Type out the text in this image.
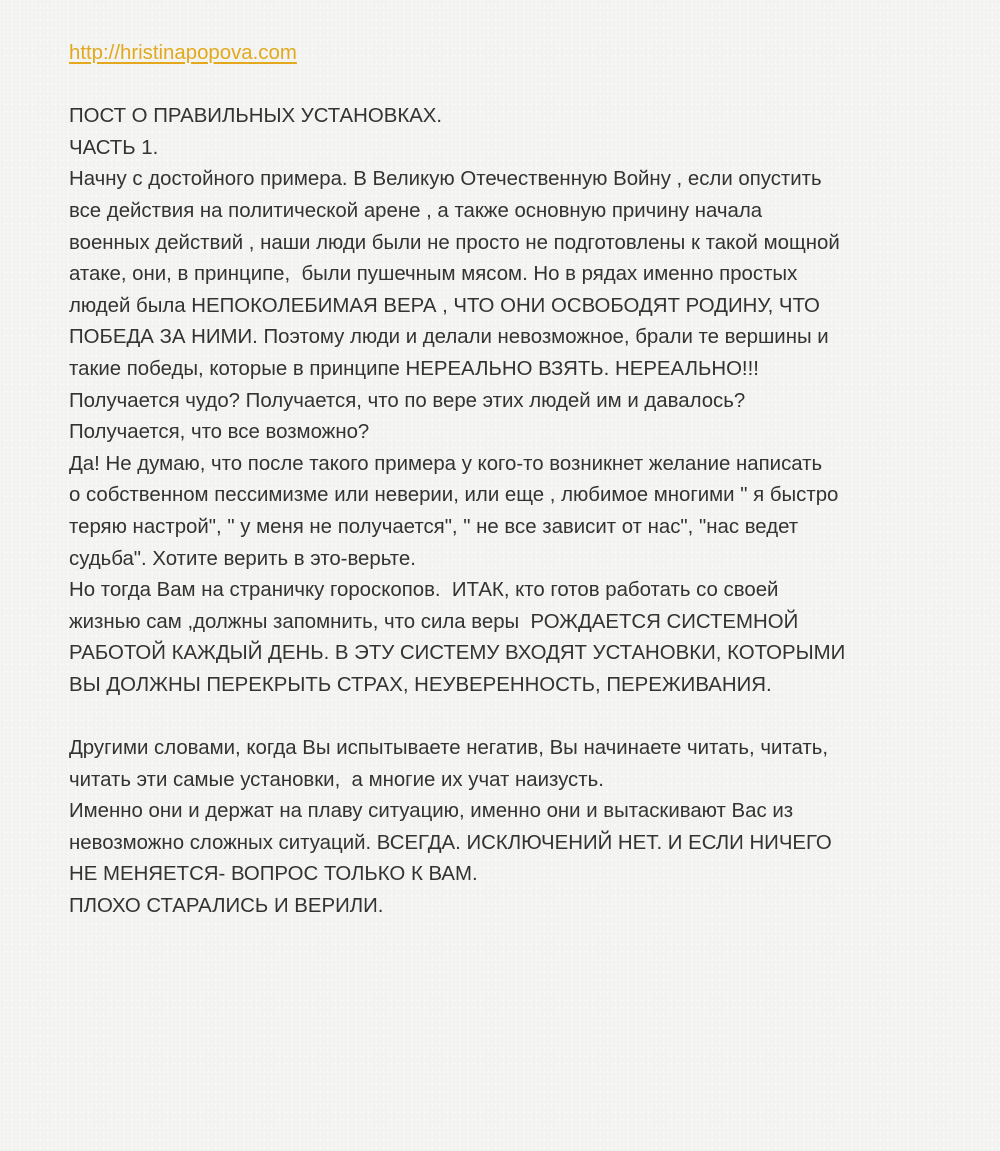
http://hristinapopova.com
ПОСТ О ПРАВИЛЬНЫХ УСТАНОВКАХ.
ЧАСТЬ 1.
Начну с достойного примера. В Великую Отечественную Войну , если опустить
все действия на политической арене , а также основную причину начала
военных действий , наши люди были не просто не подготовлены к такой мощной
атаке, они, в принципе,  были пушечным мясом. Но в рядах именно простых
людей была НЕПОКОЛЕБИМАЯ ВЕРА , ЧТО ОНИ ОСВОБОДЯТ РОДИНУ, ЧТО
ПОБЕДА ЗА НИМИ. Поэтому люди и делали невозможное, брали те вершины и
такие победы, которые в принципе НЕРЕАЛЬНО ВЗЯТЬ. НЕРЕАЛЬНО!!!
Получается чудо? Получается, что по вере этих людей им и давалось?
Получается, что все возможно?
Да! Не думаю, что после такого примера у кого-то возникнет желание написать
о собственном пессимизме или неверии, или еще , любимое многими " я быстро
теряю настрой", " у меня не получается", " не все зависит от нас", "нас ведет
судьба". Хотите верить в это-верьте.
Но тогда Вам на страничку гороскопов.  ИТАК, кто готов работать со своей
жизнью сам ,должны запомнить, что сила веры  РОЖДАЕТСЯ СИСТЕМНОЙ
РАБОТОЙ КАЖДЫЙ ДЕНЬ. В ЭТУ СИСТЕМУ ВХОДЯТ УСТАНОВКИ, КОТОРЫМИ
ВЫ ДОЛЖНЫ ПЕРЕКРЫТЬ СТРАХ, НЕУВЕРЕННОСТЬ, ПЕРЕЖИВАНИЯ.
Другими словами, когда Вы испытываете негатив, Вы начинаете читать, читать,
читать эти самые установки,  а многие их учат наизусть.
Именно они и держат на плаву ситуацию, именно они и вытаскивают Вас из
невозможно сложных ситуаций. ВСЕГДА. ИСКЛЮЧЕНИЙ НЕТ. И ЕСЛИ НИЧЕГО
НЕ МЕНЯЕТСЯ- ВОПРОС ТОЛЬКО К ВАМ.
ПЛОХО СТАРАЛИСЬ И ВЕРИЛИ.
